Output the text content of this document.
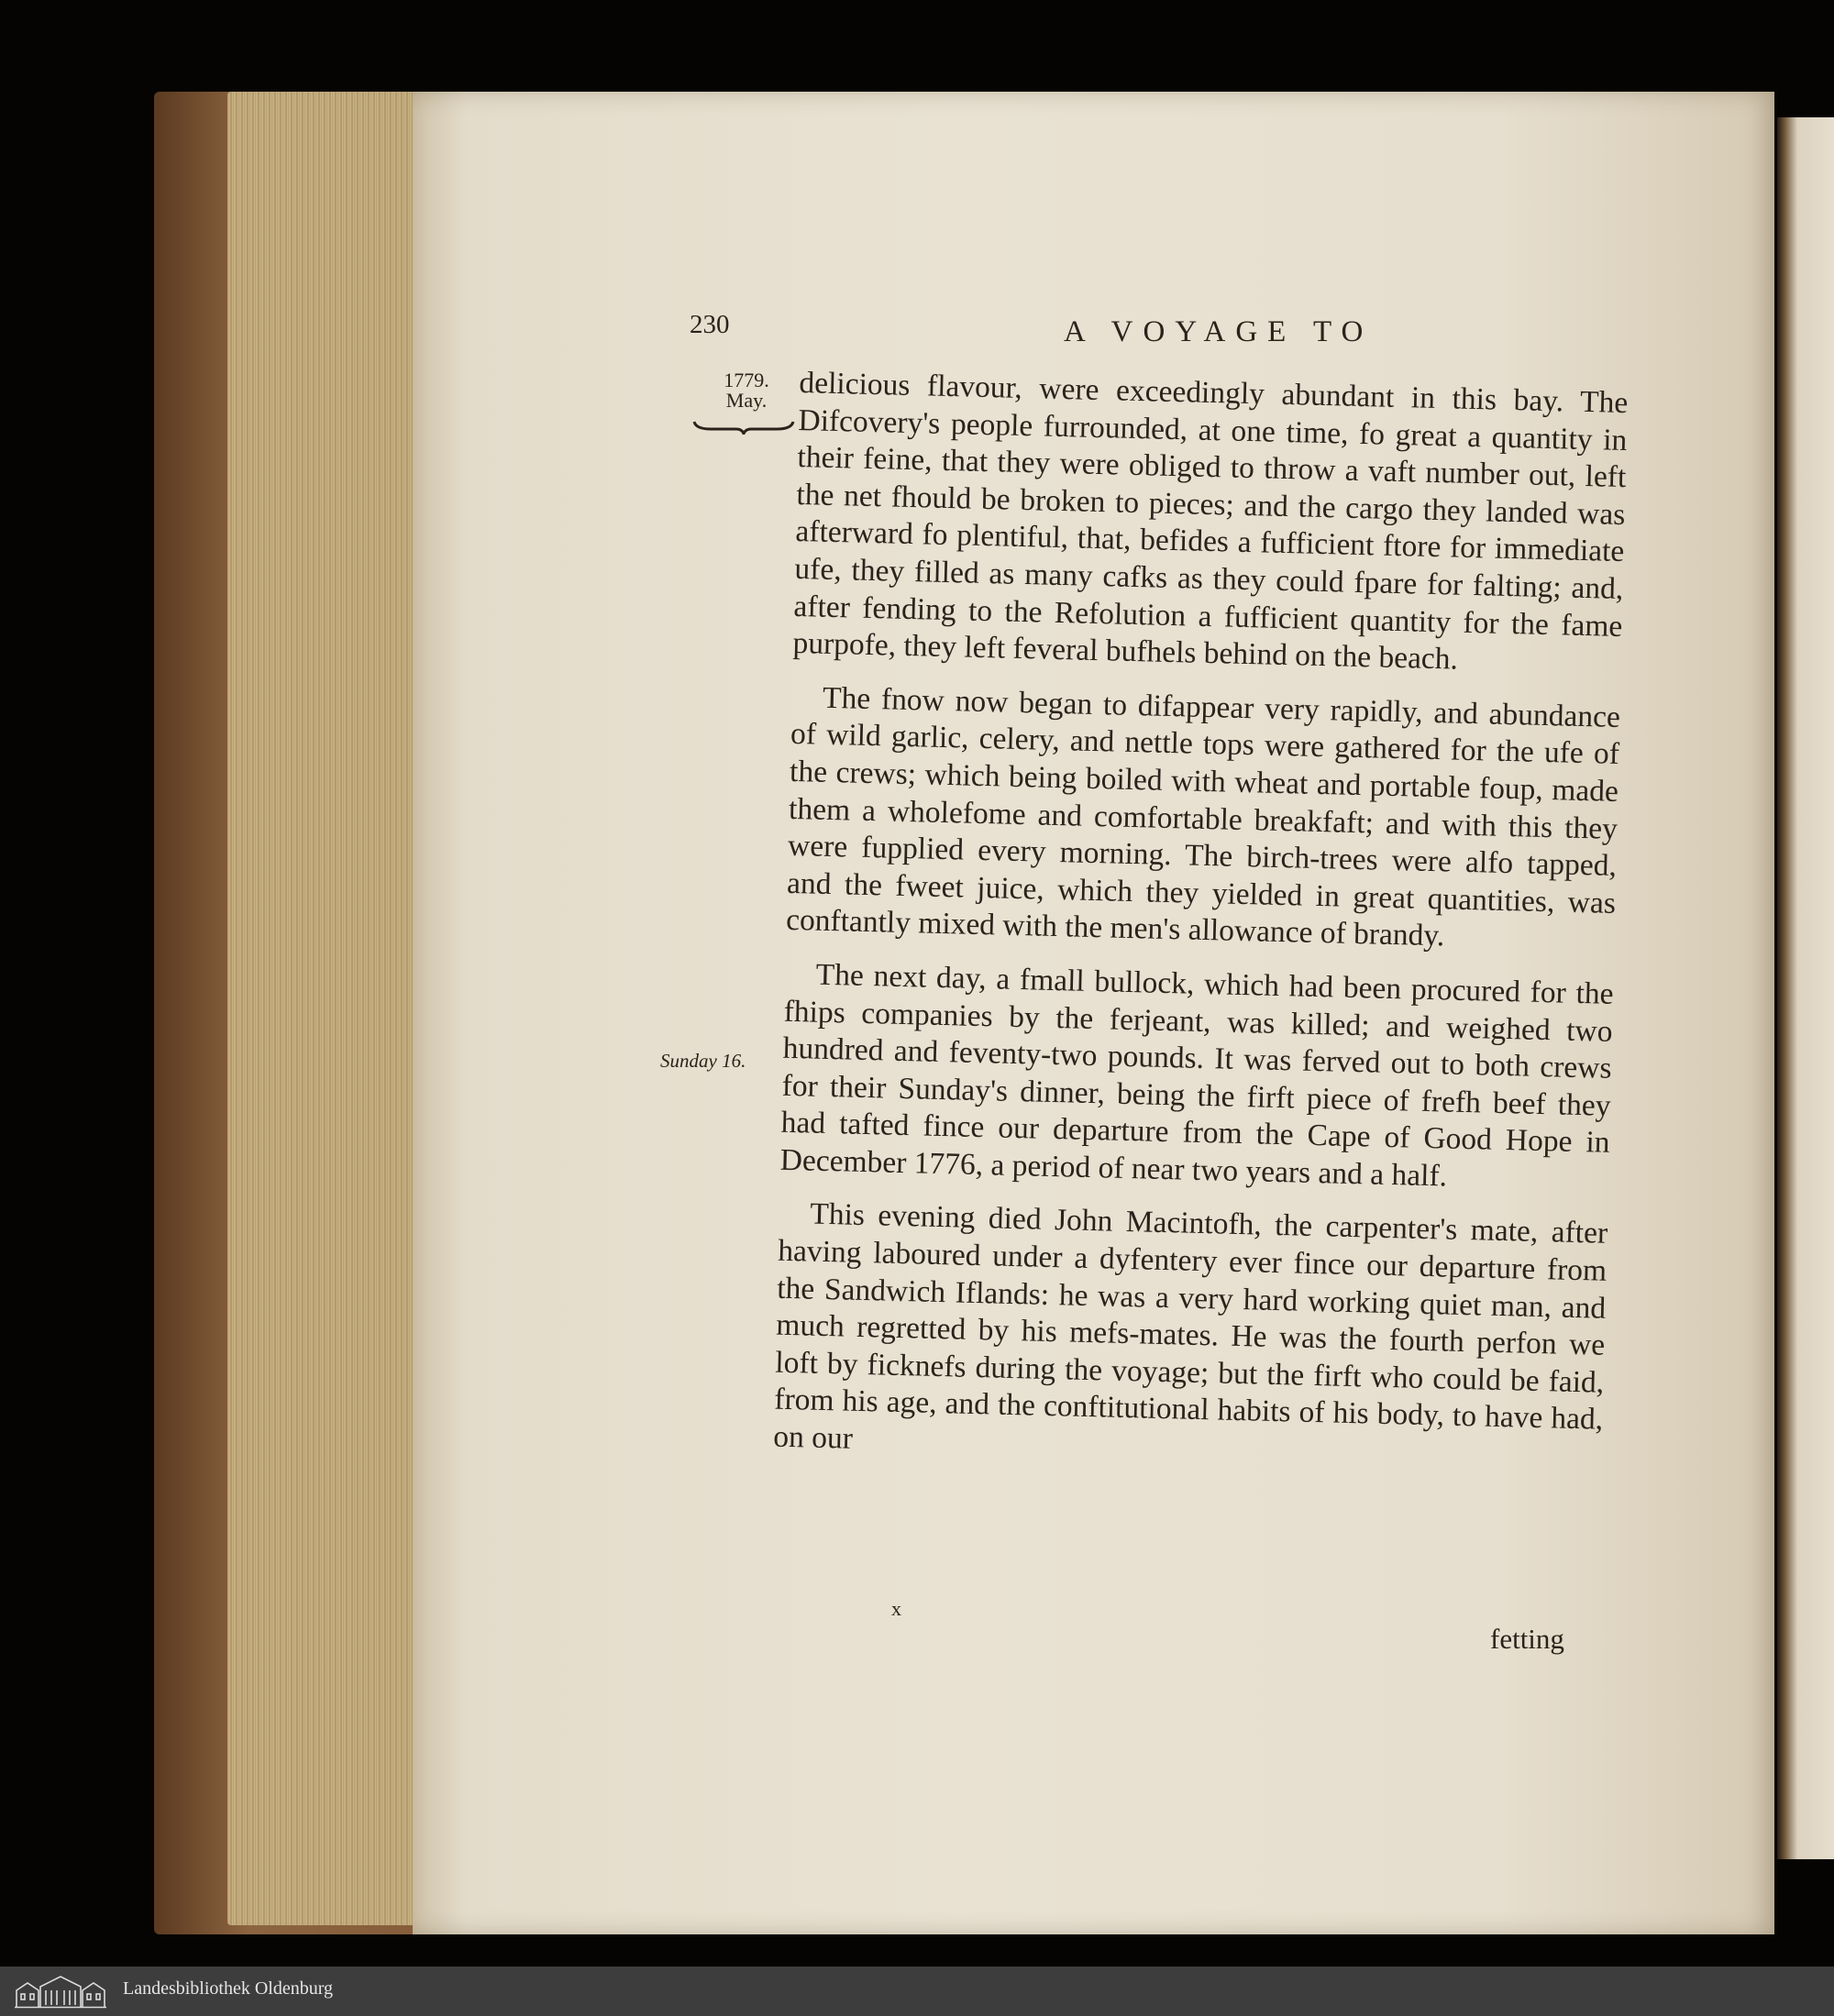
230	A VOYAGE TO
1779.
May.
Sunday 16.

delicious flavour, were exceedingly abundant in this bay. The Difcovery's people furrounded, at one time, fo great a quantity in their feine, that they were obliged to throw a vaft number out, left the net fhould be broken to pieces; and the cargo they landed was afterward fo plentiful, that, befides a fufficient ftore for immediate ufe, they filled as many cafks as they could fpare for falting; and, after fending to the Refolution a fufficient quantity for the fame purpofe, they left feveral bufhels behind on the beach.

The fnow now began to difappear very rapidly, and abundance of wild garlic, celery, and nettle tops were gathered for the ufe of the crews; which being boiled with wheat and portable foup, made them a wholefome and comfortable breakfaft; and with this they were fupplied every morning. The birch-trees were alfo tapped, and the fweet juice, which they yielded in great quantities, was conftantly mixed with the men's allowance of brandy.

The next day, a fmall bullock, which had been procured for the fhips companies by the ferjeant, was killed; and weighed two hundred and feventy-two pounds. It was ferved out to both crews for their Sunday's dinner, being the firft piece of frefh beef they had tafted fince our departure from the Cape of Good Hope in December 1776, a period of near two years and a half.

This evening died John Macintofh, the carpenter's mate, after having laboured under a dyfentery ever fince our departure from the Sandwich Iflands: he was a very hard working quiet man, and much regretted by his mefs-mates. He was the fourth perfon we loft by ficknefs during the voyage; but the firft who could be faid, from his age, and the conftitutional habits of his body, to have had, on our

x
fetting
Landesbibliothek Oldenburg
